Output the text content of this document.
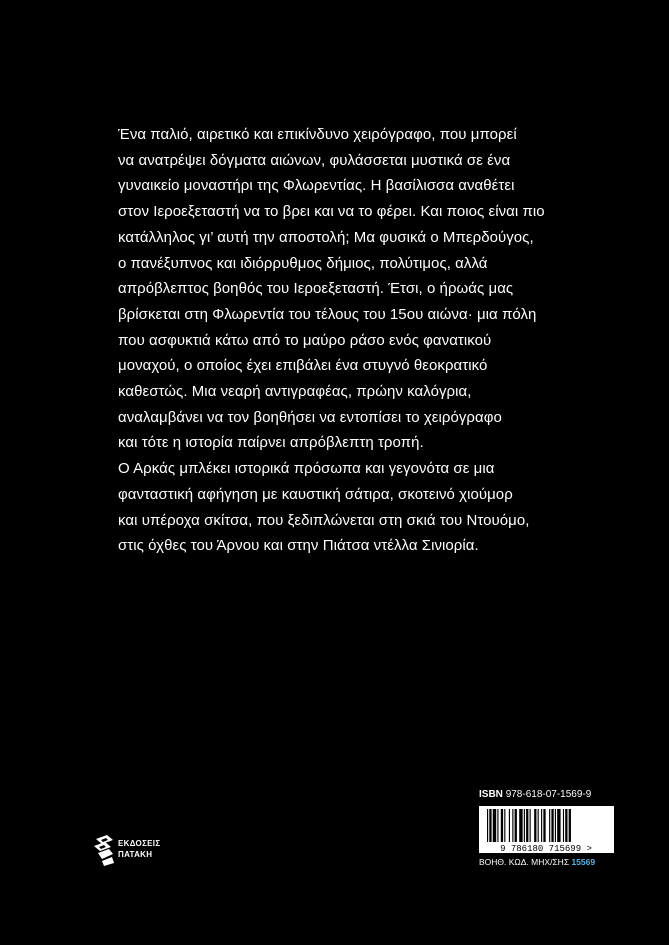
Ένα παλιό, αιρετικό και επικίνδυνο χειρόγραφο, που μπορεί
να ανατρέψει δόγματα αιώνων, φυλάσσεται μυστικά σε ένα
γυναικείο μοναστήρι της Φλωρεντίας. Η βασίλισσα αναθέτει
στον Ιεροεξεταστή να το βρει και να το φέρει. Και ποιος είναι πιο
κατάλληλος γι’ αυτή την αποστολή; Μα φυσικά ο Μπερδούγος,
ο πανέξυπνος και ιδιόρρυθμος δήμιος, πολύτιμος, αλλά
απρόβλεπτος βοηθός του Ιεροεξεταστή. Έτσι, ο ήρωάς μας
βρίσκεται στη Φλωρεντία του τέλους του 15ου αιώνα· μια πόλη
που ασφυκτιά κάτω από το μαύρο ράσο ενός φανατικού
μοναχού, ο οποίος έχει επιβάλει ένα στυγνό θεοκρατικό
καθεστώς. Μια νεαρή αντιγραφέας, πρώην καλόγρια,
αναλαμβάνει να τον βοηθήσει να εντοπίσει το χειρόγραφο
και τότε η ιστορία παίρνει απρόβλεπτη τροπή.
Ο Αρκάς μπλέκει ιστορικά πρόσωπα και γεγονότα σε μια
φανταστική αφήγηση με καυστική σάτιρα, σκοτεινό χιούμορ
και υπέροχα σκίτσα, που ξεδιπλώνεται στη σκιά του Ντουόμο,
στις όχθες του Άρνου και στην Πιάτσα ντέλλα Σινιορία.
ΕΚΔΟΣΕΙΣ
ΠΑΤΑΚΗ
ISBN 978-618-07-1569-9
9 786180 715699 >
ΒΟΗΘ. ΚΩΔ. ΜΗΧ/ΣΗΣ 15569
